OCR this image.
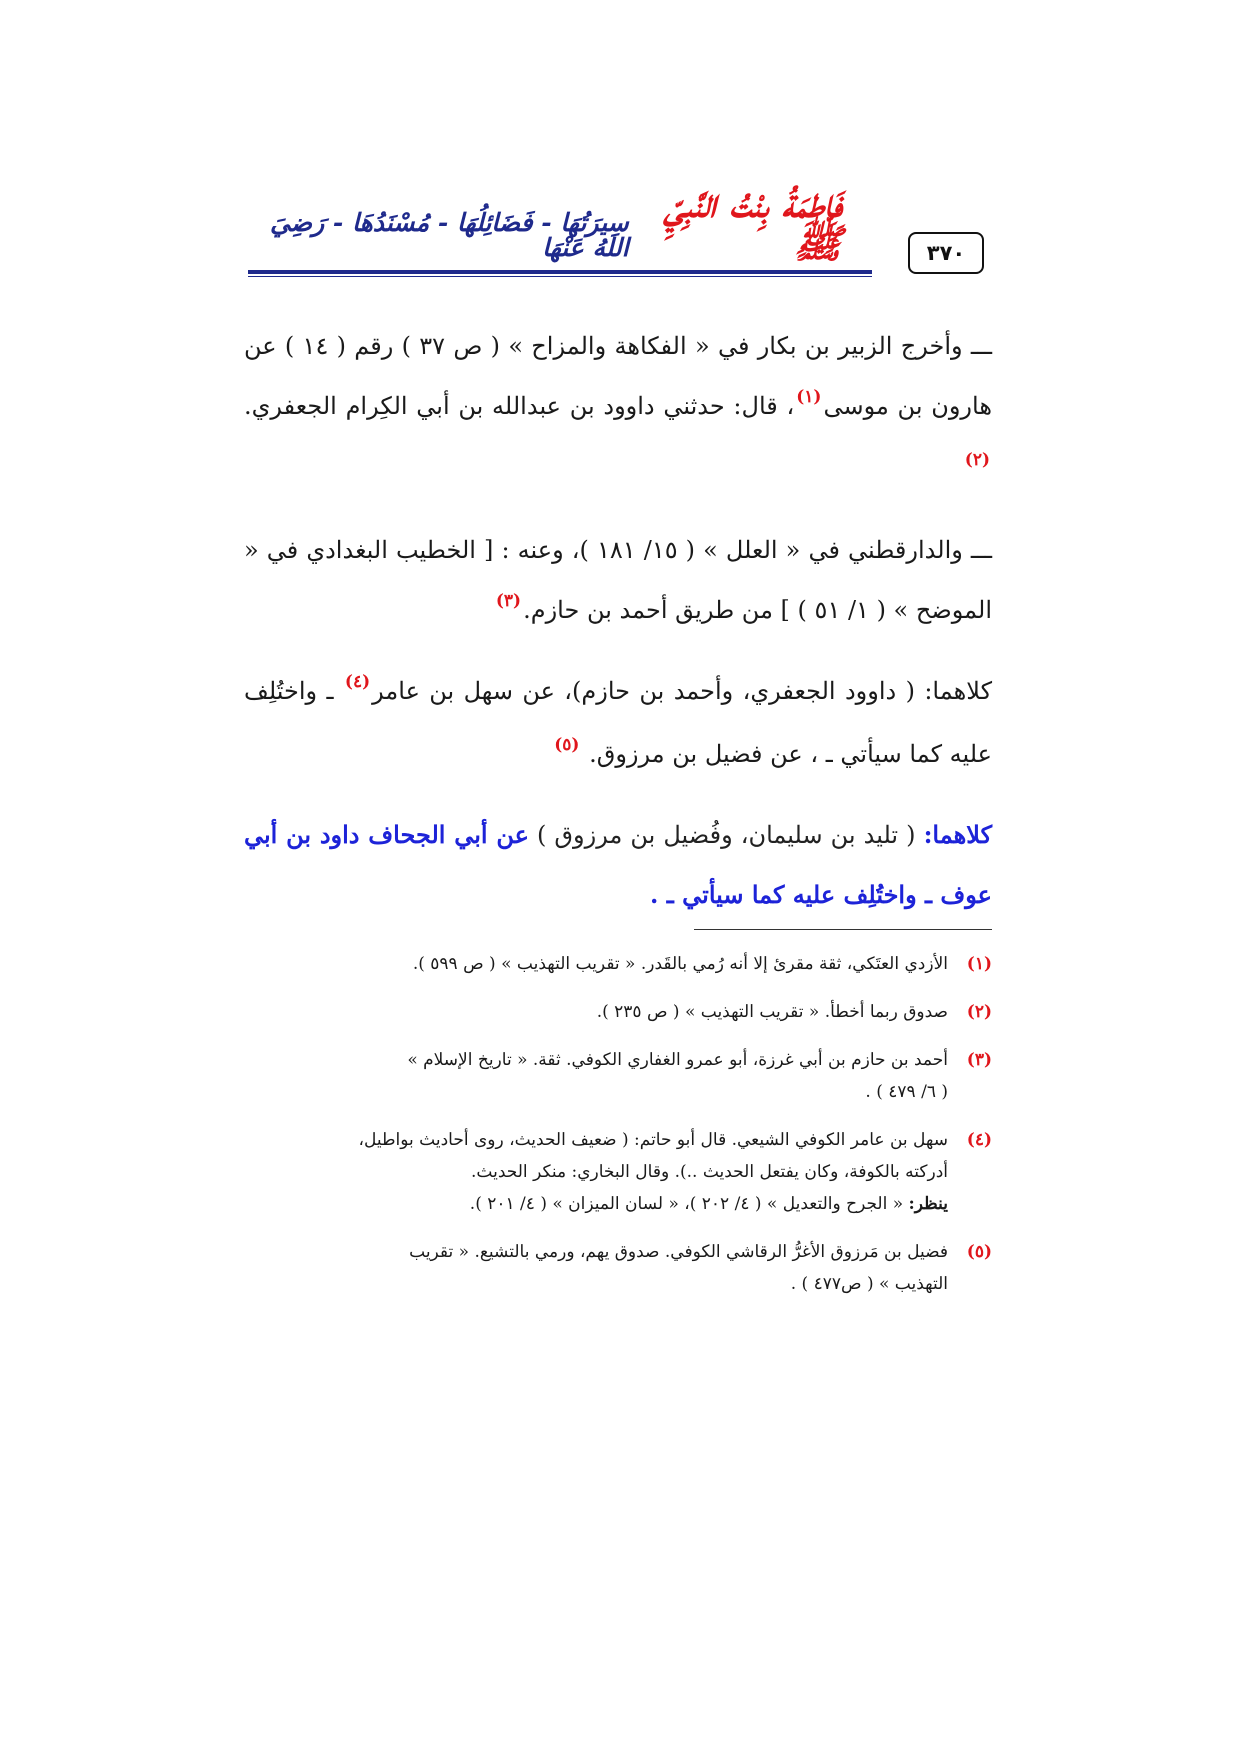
فَاطِمَةُ بِنْتُ النَّبِيِّ ﷺ
سِيرَتُهَا - فَضَائِلُهَا - مُسْنَدُهَا - رَضِيَ اللهُ عَنْهَا	٣٧٠

ـــ وأخرج الزبير بن بكار في « الفكاهة والمزاح » ( ص ٣٧ ) رقم ( ١٤ ) عن هارون بن موسى$^{(١)}$، قال: حدثني داوود بن عبدالله بن أبي الكِرام الجعفري. $^{(٢)}$

ـــ والدارقطني في « العلل » ( ١٥/ ١٨١ )، وعنه : [ الخطيب البغدادي في « الموضح » ( ١/ ٥١ ) ] من طريق أحمد بن حازم.$^{(٣)}$

كلاهما: ( داوود الجعفري، وأحمد بن حازم)، عن سهل بن عامر$^{(٤)}$ ـ واختُلِف عليه كما سيأتي ـ ، عن فضيل بن مرزوق. $^{(٥)}$

كلاهما: ( تليد بن سليمان، وفُضيل بن مرزوق ) عن أبي الجحاف داود بن أبي عوف ـ واختُلِف عليه كما سيأتي ـ .

(١)
الأزدي العتَكي، ثقة مقرئ إلا أنه رُمي بالقَدر. « تقريب التهذيب » ( ص ٥٩٩ ).
(٢)
صدوق ربما أخطأ. « تقريب التهذيب » ( ص ٢٣٥ ).
(٣)
أحمد بن حازم بن أبي غرزة، أبو عمرو الغفاري الكوفي. ثقة. « تاريخ الإسلام »
( ٦/ ٤٧٩ ) .
(٤)
سهل بن عامر الكوفي الشيعي. قال أبو حاتم: ( ضعيف الحديث، روى أحاديث بواطيل،
أدركته بالكوفة، وكان يفتعل الحديث ..). وقال البخاري: منكر الحديث.
ينظر: « الجرح والتعديل » ( ٤/ ٢٠٢ )، « لسان الميزان » ( ٤/ ٢٠١ ).
(٥)
فضيل بن مَرزوق الأغرُّ الرقاشي الكوفي. صدوق يهم، ورمي بالتشيع. « تقريب
التهذيب » ( ص٤٧٧ ) .
